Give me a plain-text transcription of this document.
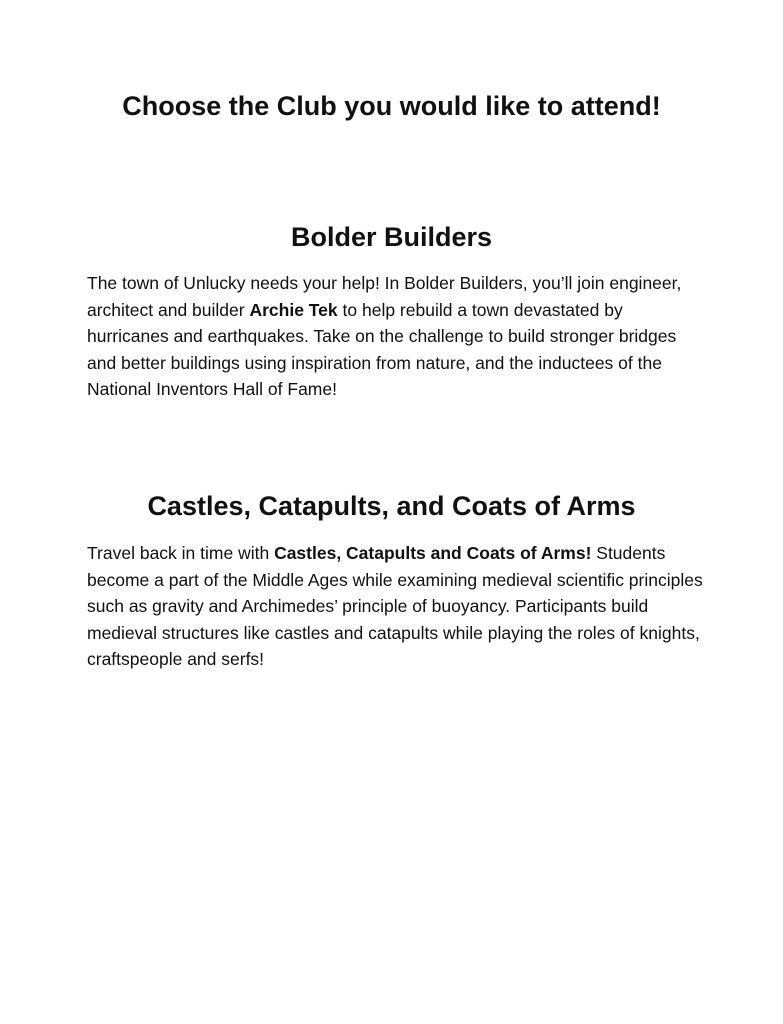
Choose the Club you would like to attend!
Bolder Builders

The town of Unlucky needs your help! In Bolder Builders, you’ll join engineer, architect and builder Archie Tek to help rebuild a town devastated by hurricanes and earthquakes. Take on the challenge to build stronger bridges and better buildings using inspiration from nature, and the inductees of the National Inventors Hall of Fame!

Castles, Catapults, and Coats of Arms

Travel back in time with Castles, Catapults and Coats of Arms! Students become a part of the Middle Ages while examining medieval scientific principles such as gravity and Archimedes’ principle of buoyancy. Participants build medieval structures like castles and catapults while playing the roles of knights, craftspeople and serfs!
